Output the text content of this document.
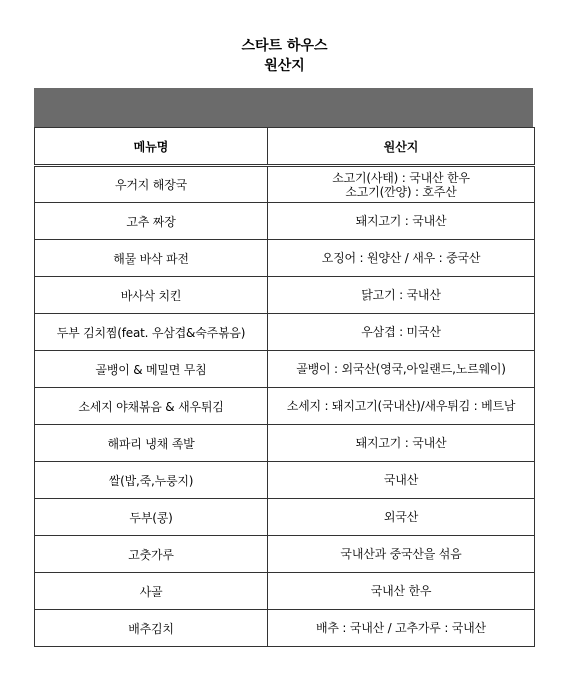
스타트 하우스
원산지
메뉴명	원산지
우거지 해장국	소고기(사태) : 국내산 한우
소고기(깐양) : 호주산

고추 짜장	돼지고기 : 국내산

해물 바삭 파전	오징어 : 원양산 / 새우 : 중국산

바사삭 치킨	닭고기 : 국내산

두부 김치찜(feat. 우삼겹&숙주볶음)	우삼겹 : 미국산

골뱅이 & 메밀면 무침	골뱅이 : 외국산(영국,아일랜드,노르웨이)

소세지 야채볶음 & 새우튀김	소세지 : 돼지고기(국내산)/새우튀김 : 베트남

해파리 냉채 족발	돼지고기 : 국내산

쌀(밥,죽,누룽지)	국내산

두부(콩)	외국산

고춧가루	국내산과 중국산을 섞음

사골	국내산 한우

배추김치	배추 : 국내산 / 고추가루 : 국내산
